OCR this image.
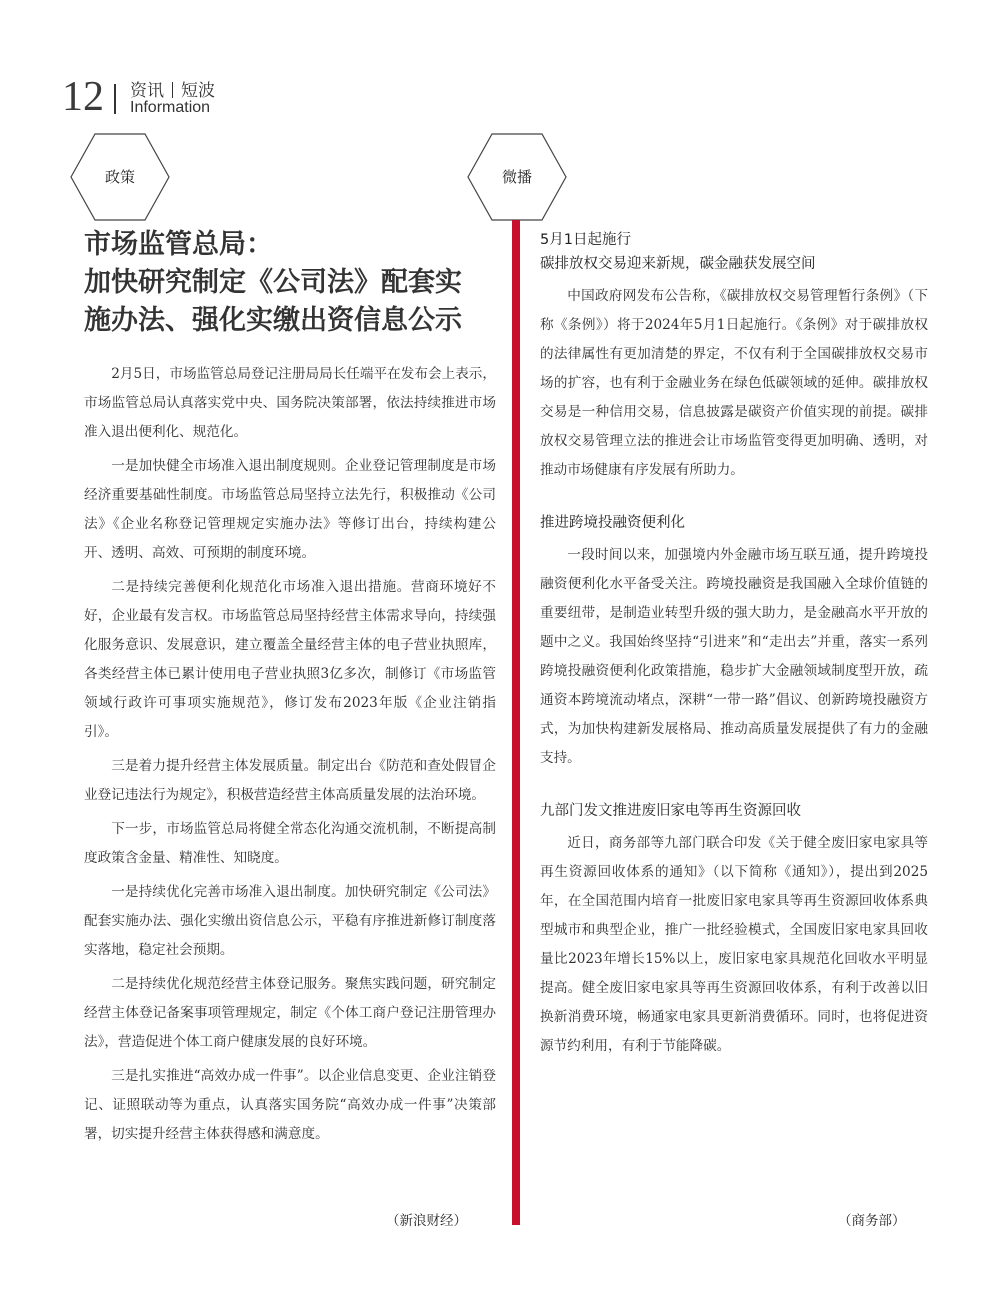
12 资讯 短波
Information
政策	微播
市场监管总局：
加快研究制定《公司法》配套实
施办法、强化实缴出资信息公示

2月5日，市场监管总局登记注册局局长任端平在发布会上表示，市场监管总局认真落实党中央、国务院决策部署，依法持续推进市场准入退出便利化、规范化。

一是加快健全市场准入退出制度规则。企业登记管理制度是市场经济重要基础性制度。市场监管总局坚持立法先行，积极推动《公司法》《企业名称登记管理规定实施办法》等修订出台，持续构建公开、透明、高效、可预期的制度环境。

二是持续完善便利化规范化市场准入退出措施。营商环境好不好，企业最有发言权。市场监管总局坚持经营主体需求导向，持续强化服务意识、发展意识，建立覆盖全量经营主体的电子营业执照库，各类经营主体已累计使用电子营业执照3亿多次，制修订《市场监管领域行政许可事项实施规范》，修订发布2023年版《企业注销指引》。

三是着力提升经营主体发展质量。制定出台《防范和查处假冒企业登记违法行为规定》，积极营造经营主体高质量发展的法治环境。

下一步，市场监管总局将健全常态化沟通交流机制，不断提高制度政策含金量、精准性、知晓度。

一是持续优化完善市场准入退出制度。加快研究制定《公司法》配套实施办法、强化实缴出资信息公示，平稳有序推进新修订制度落实落地，稳定社会预期。

二是持续优化规范经营主体登记服务。聚焦实践问题，研究制定经营主体登记备案事项管理规定，制定《个体工商户登记注册管理办法》，营造促进个体工商户健康发展的良好环境。

三是扎实推进“高效办成一件事”。以企业信息变更、企业注销登记、证照联动等为重点，认真落实国务院“高效办成一件事”决策部署，切实提升经营主体获得感和满意度。

（新浪财经）
5月1日起施行
碳排放权交易迎来新规，碳金融获发展空间

中国政府网发布公告称，《碳排放权交易管理暂行条例》（下称《条例》）将于2024年5月1日起施行。《条例》对于碳排放权的法律属性有更加清楚的界定，不仅有利于全国碳排放权交易市场的扩容，也有利于金融业务在绿色低碳领域的延伸。碳排放权交易是一种信用交易，信息披露是碳资产价值实现的前提。碳排放权交易管理立法的推进会让市场监管变得更加明确、透明，对推动市场健康有序发展有所助力。

推进跨境投融资便利化

一段时间以来，加强境内外金融市场互联互通，提升跨境投融资便利化水平备受关注。跨境投融资是我国融入全球价值链的重要纽带，是制造业转型升级的强大助力，是金融高水平开放的题中之义。我国始终坚持“引进来”和“走出去”并重，落实一系列跨境投融资便利化政策措施，稳步扩大金融领域制度型开放，疏通资本跨境流动堵点，深耕“一带一路”倡议、创新跨境投融资方式，为加快构建新发展格局、推动高质量发展提供了有力的金融支持。

九部门发文推进废旧家电等再生资源回收

近日，商务部等九部门联合印发《关于健全废旧家电家具等再生资源回收体系的通知》（以下简称《通知》），提出到2025年，在全国范围内培育一批废旧家电家具等再生资源回收体系典型城市和典型企业，推广一批经验模式，全国废旧家电家具回收量比2023年增长15%以上，废旧家电家具规范化回收水平明显提高。健全废旧家电家具等再生资源回收体系，有利于改善以旧换新消费环境，畅通家电家具更新消费循环。同时，也将促进资源节约利用，有利于节能降碳。

（商务部）
